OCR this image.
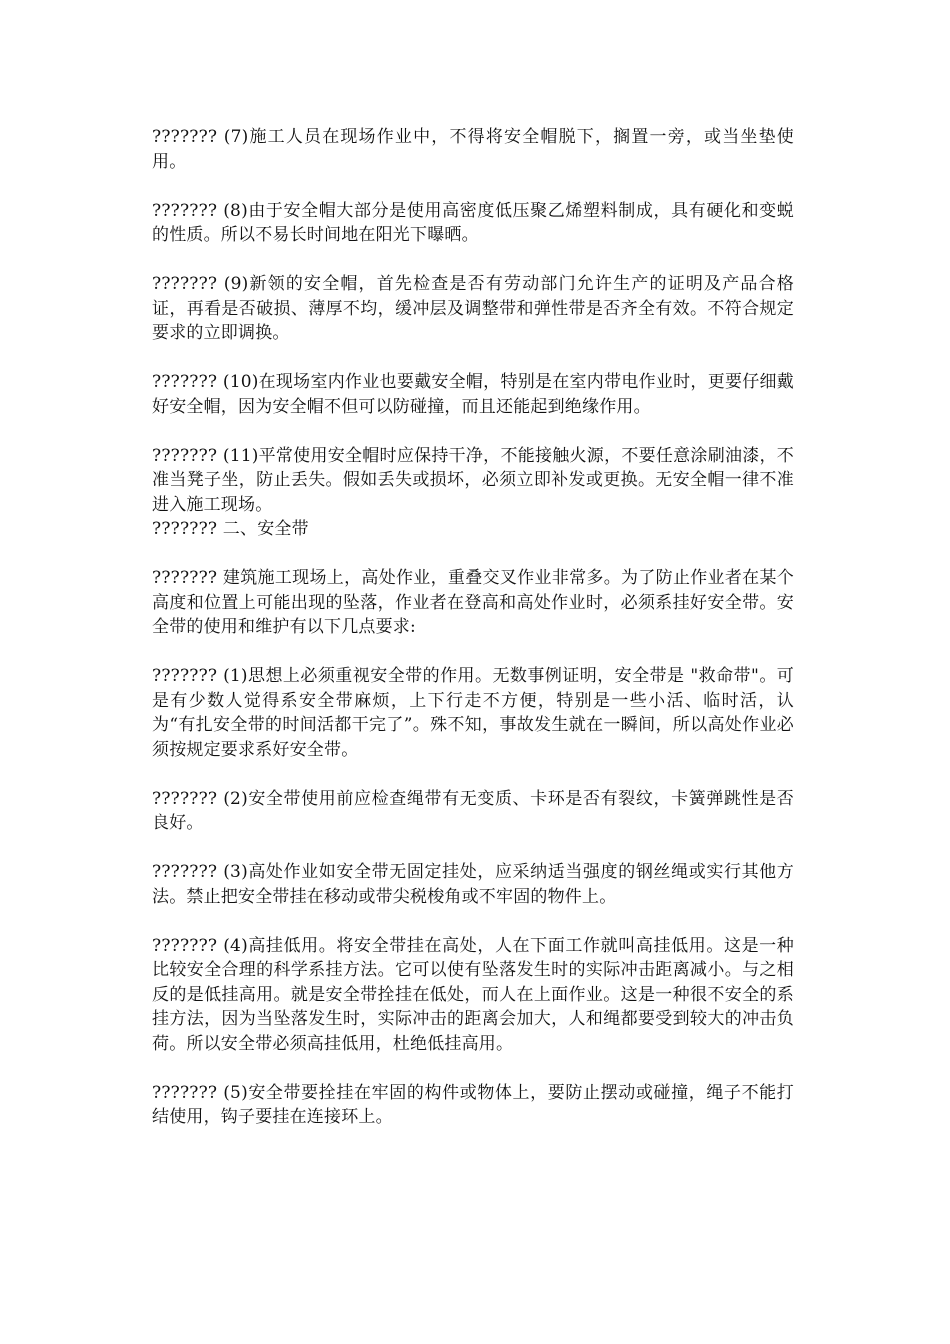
??????? (7)施工人员在现场作业中，不得将安全帽脱下，搁置一旁，或当坐垫使用。

??????? (8)由于安全帽大部分是使用高密度低压聚乙烯塑料制成，具有硬化和变蜕的性质。所以不易长时间地在阳光下曝晒。

??????? (9)新领的安全帽，首先检查是否有劳动部门允许生产的证明及产品合格证，再看是否破损、薄厚不均，缓冲层及调整带和弹性带是否齐全有效。不符合规定要求的立即调换。

??????? (10)在现场室内作业也要戴安全帽，特别是在室内带电作业时，更要仔细戴好安全帽，因为安全帽不但可以防碰撞，而且还能起到绝缘作用。

??????? (11)平常使用安全帽时应保持干净，不能接触火源，不要任意涂刷油漆，不准当凳子坐，防止丢失。假如丢失或损坏，必须立即补发或更换。无安全帽一律不准进入施工现场。

??????? 二、安全带

??????? 建筑施工现场上，高处作业，重叠交叉作业非常多。为了防止作业者在某个高度和位置上可能出现的坠落，作业者在登高和高处作业时，必须系挂好安全带。安全带的使用和维护有以下几点要求:

??????? (1)思想上必须重视安全带的作用。无数事例证明，安全带是 "救命带"。可是有少数人觉得系安全带麻烦，上下行走不方便，特别是一些小活、临时活，认为“有扎安全带的时间活都干完了”。殊不知，事故发生就在一瞬间，所以高处作业必须按规定要求系好安全带。

??????? (2)安全带使用前应检查绳带有无变质、卡环是否有裂纹，卡簧弹跳性是否良好。

??????? (3)高处作业如安全带无固定挂处，应采纳适当强度的钢丝绳或实行其他方法。禁止把安全带挂在移动或带尖税梭角或不牢固的物件上。

??????? (4)高挂低用。将安全带挂在高处，人在下面工作就叫高挂低用。这是一种比较安全合理的科学系挂方法。它可以使有坠落发生时的实际冲击距离减小。与之相反的是低挂高用。就是安全带拴挂在低处，而人在上面作业。这是一种很不安全的系挂方法，因为当坠落发生时，实际冲击的距离会加大，人和绳都要受到较大的冲击负荷。所以安全带必须高挂低用，杜绝低挂高用。

??????? (5)安全带要拴挂在牢固的构件或物体上，要防止摆动或碰撞，绳子不能打结使用，钩子要挂在连接环上。
